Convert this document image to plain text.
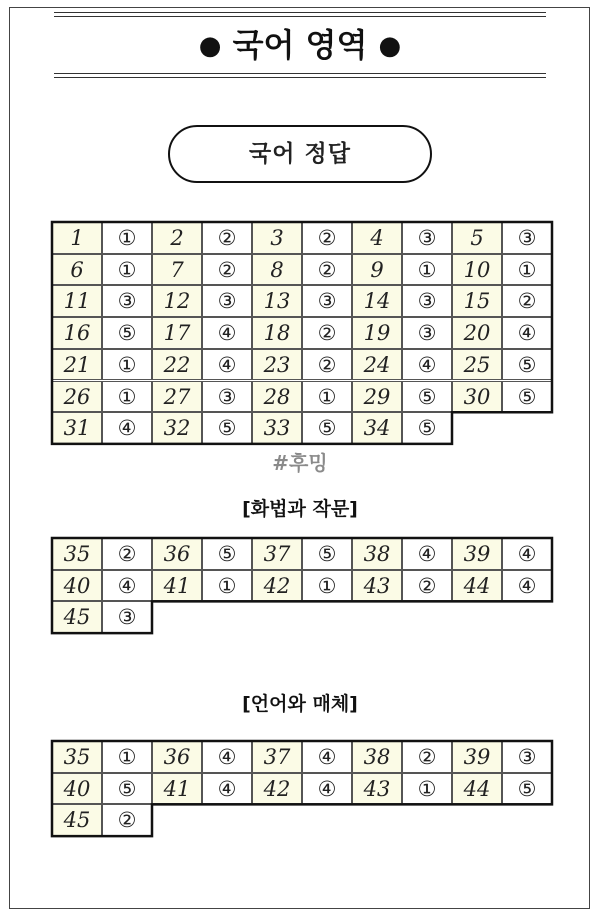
● 국어 영역 ●
국어 정답
1	①	2	②	3	②	4	③	5	③
6	①	7	②	8	②	9	①	10	①
11	③	12	③	13	③	14	③	15	②
16	⑤	17	④	18	②	19	③	20	④
21	①	22	④	23	②	24	④	25	⑤
26	①	27	③	28	①	29	⑤	30	⑤
31	④	32	⑤	33	⑤	34	⑤
#후밍
[화법과 작문]
35	②	36	⑤	37	⑤	38	④	39	④
40	④	41	①	42	①	43	②	44	④
45	③
[언어와 매체]
35	①	36	④	37	④	38	②	39	③
40	⑤	41	④	42	④	43	①	44	⑤
45	②
